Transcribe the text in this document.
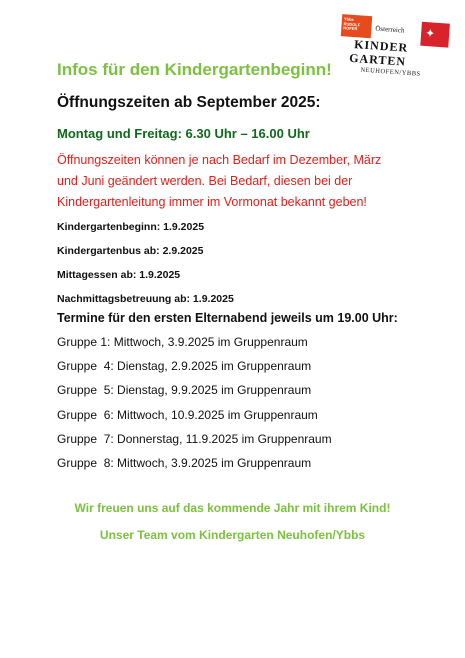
Ybbs RUDOLF HOFER	Österreich ✦
KINDER
GARTEN
NEUHOFEN/YBBS
Infos für den Kindergartenbeginn!
Öffnungszeiten ab September 2025:
Montag und Freitag: 6.30 Uhr – 16.00 Uhr
Öffnungszeiten können je nach Bedarf im Dezember, März
und Juni geändert werden. Bei Bedarf, diesen bei der
Kindergartenleitung immer im Vormonat bekannt geben!
Kindergartenbeginn: 1.9.2025
Kindergartenbus ab: 2.9.2025
Mittagessen ab: 1.9.2025
Nachmittagsbetreuung ab: 1.9.2025
Termine für den ersten Elternabend jeweils um 19.00 Uhr:
Gruppe 1: Mittwoch, 3.9.2025 im Gruppenraum
Gruppe  4: Dienstag, 2.9.2025 im Gruppenraum
Gruppe  5: Dienstag, 9.9.2025 im Gruppenraum
Gruppe  6: Mittwoch, 10.9.2025 im Gruppenraum
Gruppe  7: Donnerstag, 11.9.2025 im Gruppenraum
Gruppe  8: Mittwoch, 3.9.2025 im Gruppenraum
Wir freuen uns auf das kommende Jahr mit ihrem Kind!
Unser Team vom Kindergarten Neuhofen/Ybbs
